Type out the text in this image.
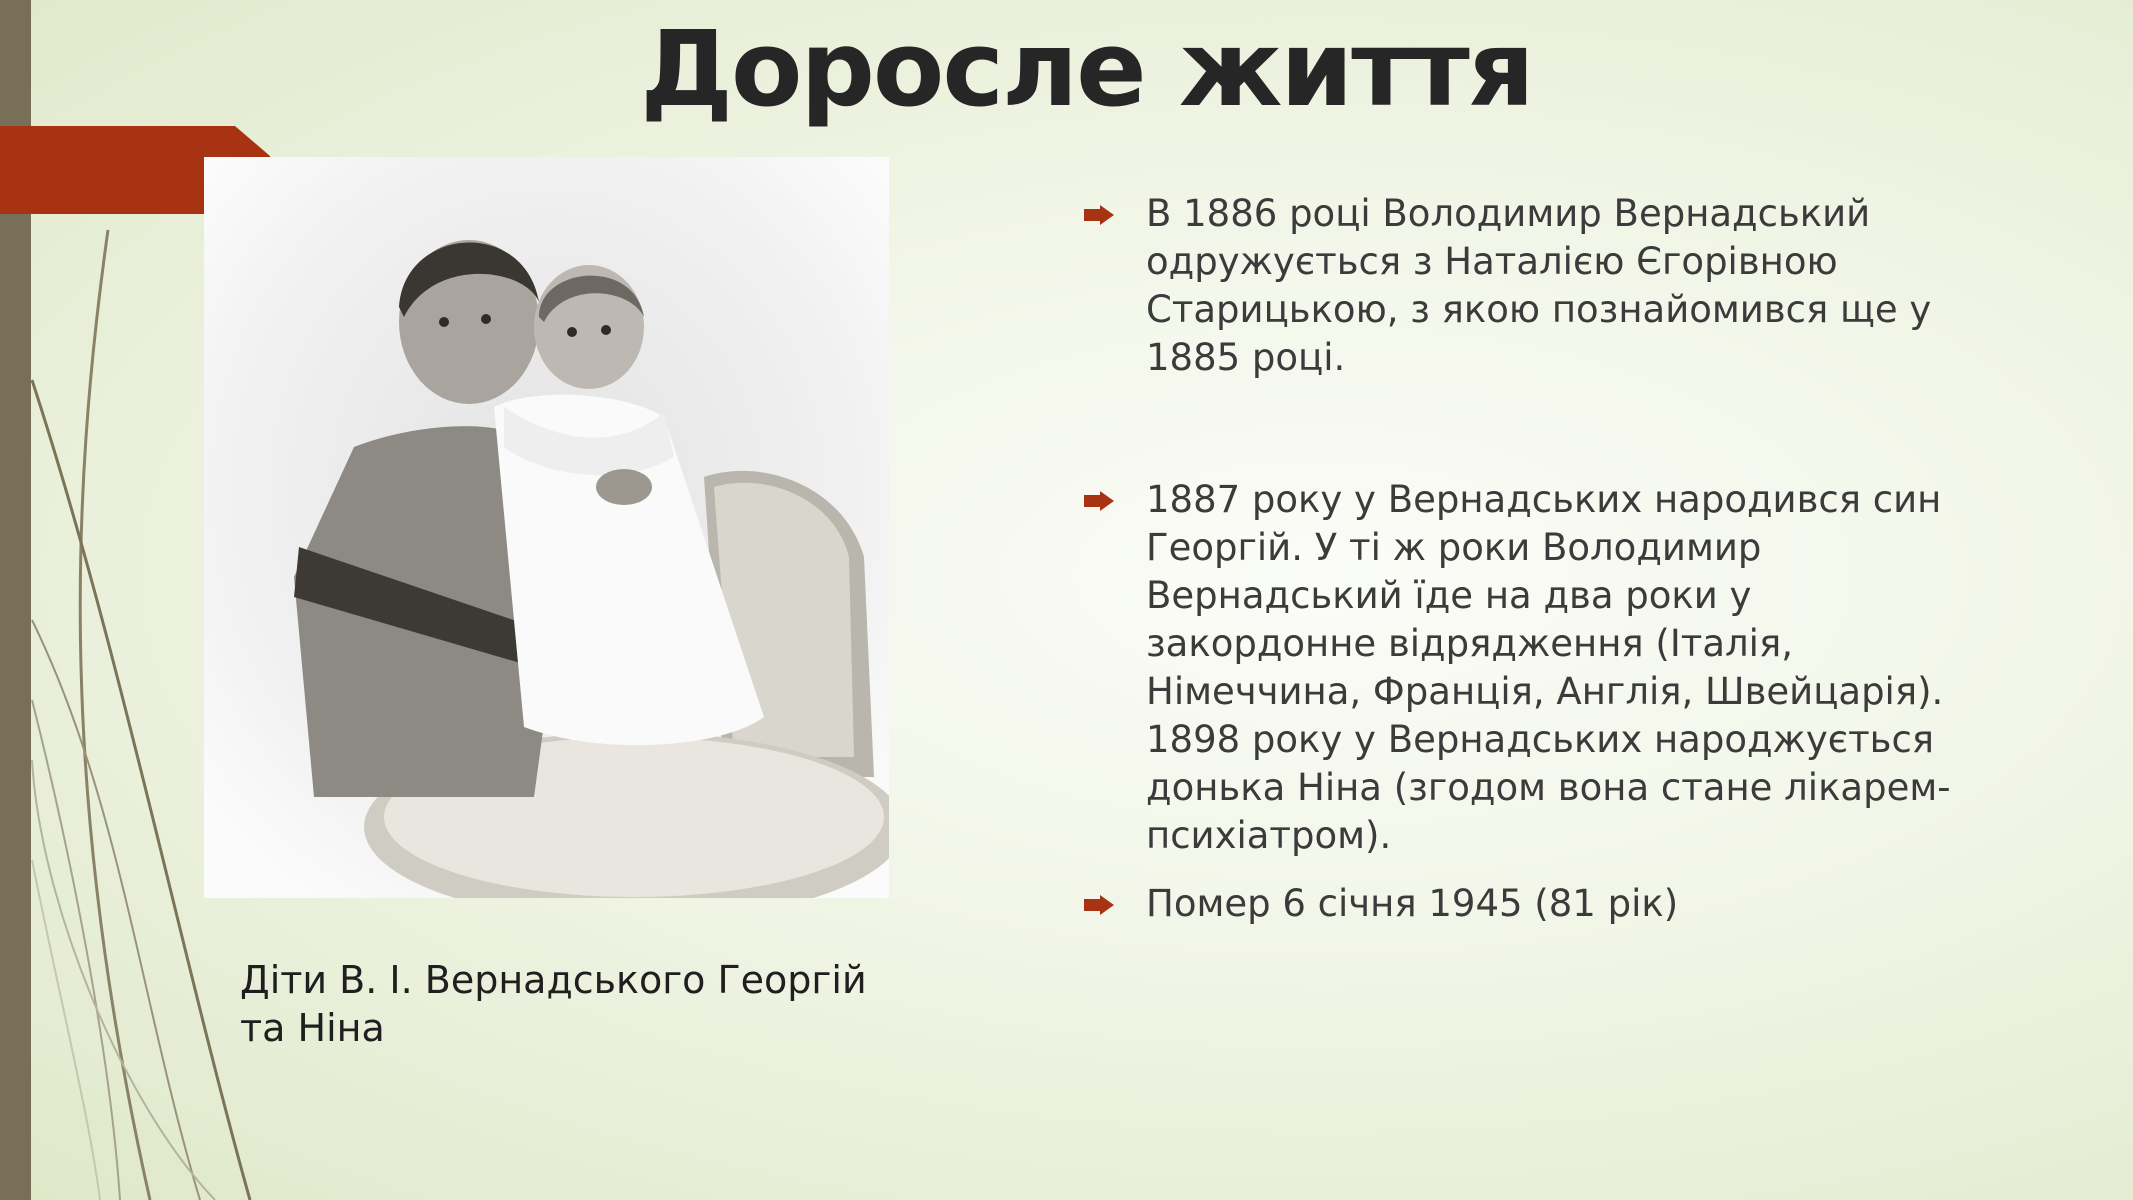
Доросле життя

Діти В. І. Вернадського Георгій та Ніна

В 1886 році Володимир Вернадський одружується з Наталією Єгорівною Старицькою, з якою познайомився ще у 1885 році.
1887 року у Вернадських народився син Георгій. У ті ж роки Володимир Вернадський їде на два роки у закордонне відрядження (Італія, Німеччина, Франція, Англія, Швейцарія). 1898 року у Вернадських народжується донька Ніна (згодом вона стане лікарем-психіатром).
Помер 6 січня 1945 (81 рік)
